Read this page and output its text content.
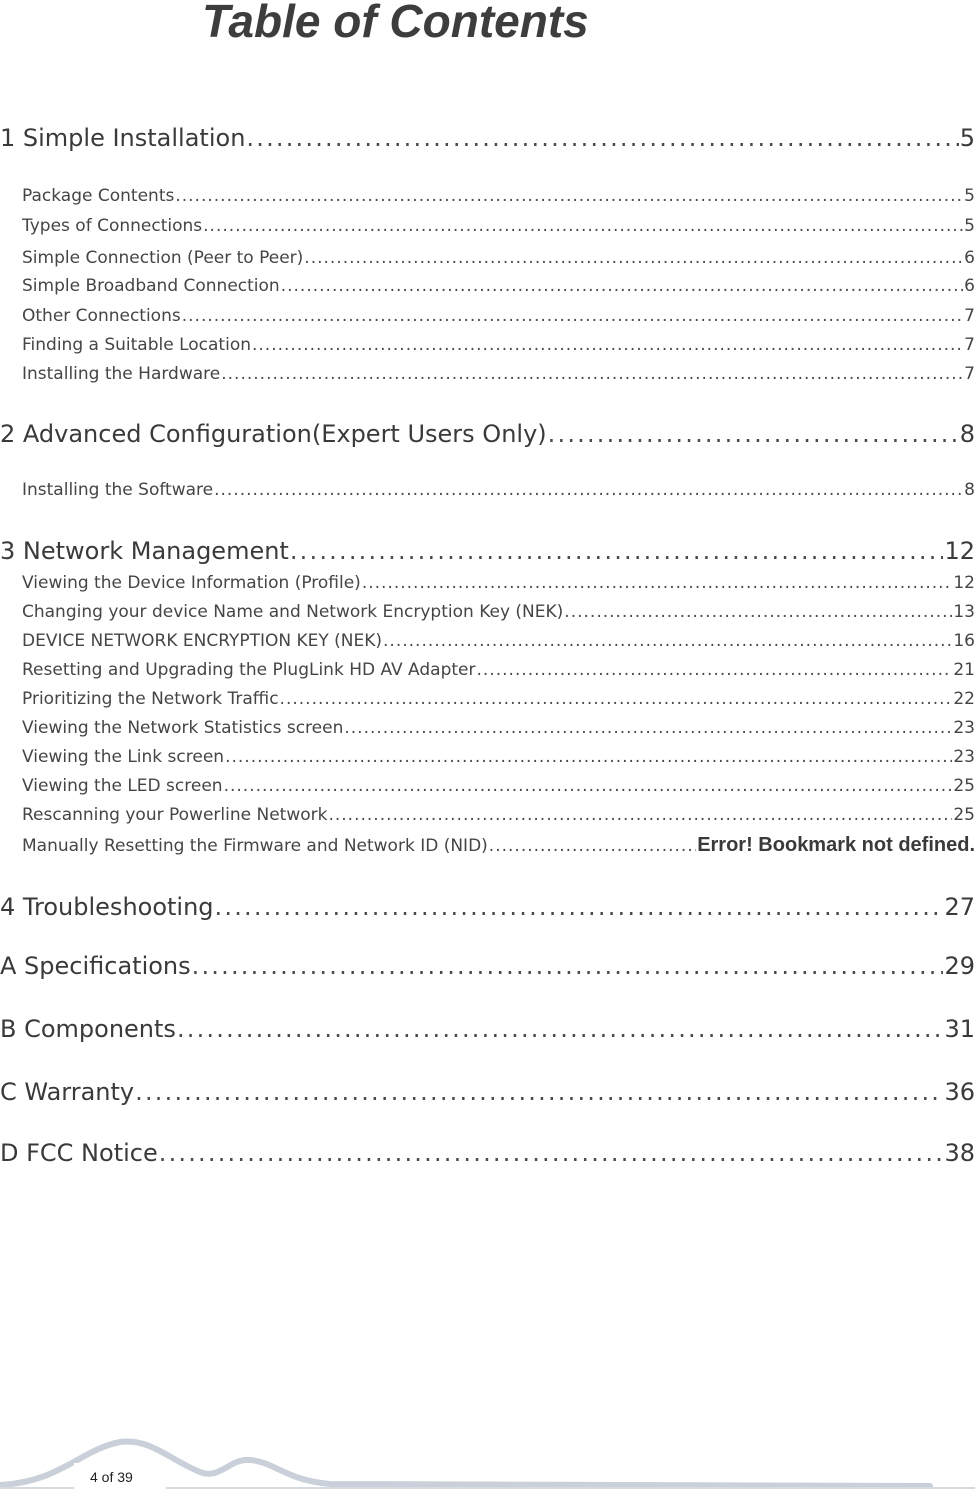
Table of Contents
1 Simple Installation .....	5
Package Contents .....	5
Types of Connections .....	5
Simple Connection (Peer to Peer) .....	6
Simple Broadband Connection .....	6
Other Connections .....	7
Finding a Suitable Location .....	7
Installing the Hardware .....	7
2 Advanced Configuration(Expert Users Only) .....	8
Installing the Software .....	8
3 Network Management .....	12
Viewing the Device Information (Profile) .....	12
Changing your device Name and Network Encryption Key (NEK) .....	13
DEVICE NETWORK ENCRYPTION KEY (NEK) .....	16
Resetting and Upgrading the PlugLink HD AV Adapter .....	21
Prioritizing the Network Traffic .....	22
Viewing the Network Statistics screen .....	23
Viewing the Link screen .....	23
Viewing the LED screen .....	25
Rescanning your Powerline Network .....	25
Manually Resetting the Firmware and Network ID (NID) .....	Error! Bookmark not defined.
4 Troubleshooting .....	27
A Specifications .....	29
B Components .....	31
C Warranty .....	36
D FCC Notice .....	38
4 of 39
